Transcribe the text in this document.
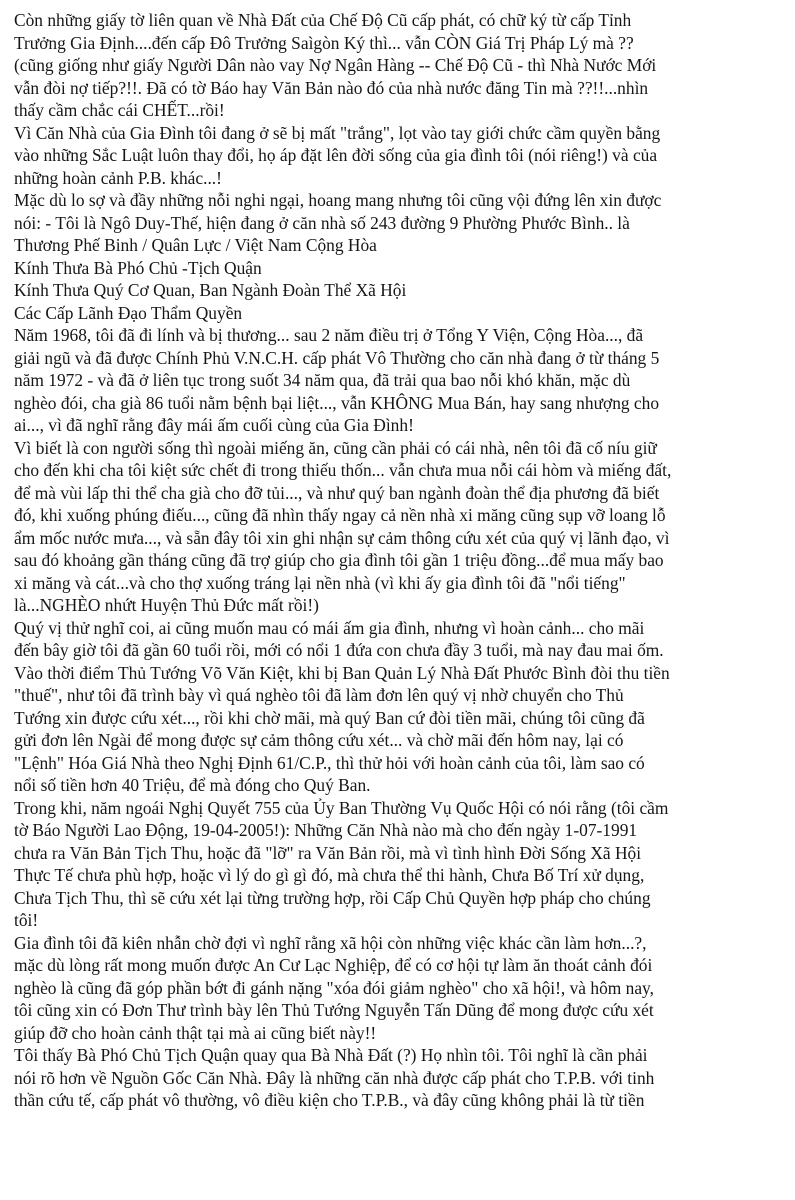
Còn những giấy tờ liên quan về Nhà Đất của Chế Độ Cũ cấp phát, có chữ ký từ cấp Tỉnh
Trưởng Gia Định....đến cấp Đô Trưởng Saìgòn Ký thì... vẫn CÒN Giá Trị Pháp Lý mà ??
(cũng giống như giấy Người Dân nào vay Nợ Ngân Hàng -- Chế Độ Cũ - thì Nhà Nước Mới
vẫn đòi nợ tiếp?!!. Đã có tờ Báo hay Văn Bản nào đó của nhà nước đăng Tin mà ??!!...nhìn
thấy cầm chắc cái CHẾT...rồi!
Vì Căn Nhà của Gia Đình tôi đang ở sẽ bị mất "trắng", lọt vào tay giới chức cầm quyền bằng
vào những Sắc Luật luôn thay đổi, họ áp đặt lên đời sống của gia đình tôi (nói riêng!) và của
những hoàn cảnh P.B. khác...!
Mặc dù lo sợ và đầy những nỗi nghi ngại, hoang mang nhưng tôi cũng vội đứng lên xin được
nói: - Tôi là Ngô Duy-Thế, hiện đang ở căn nhà số 243 đường 9 Phường Phước Bình.. là
Thương Phế Binh / Quân Lực / Việt Nam Cộng Hòa
Kính Thưa Bà Phó Chủ -Tịch Quận
Kính Thưa Quý Cơ Quan, Ban Ngành Đoàn Thể Xã Hội
Các Cấp Lãnh Đạo Thẩm Quyền
Năm 1968, tôi đã đi lính và bị thương... sau 2 năm điều trị ở Tổng Y Viện, Cộng Hòa..., đã
giải ngũ và đã được Chính Phủ V.N.C.H. cấp phát Vô Thường cho căn nhà đang ở từ tháng 5
năm 1972 - và đã ở liên tục trong suốt 34 năm qua, đã trải qua bao nỗi khó khăn, mặc dù
nghèo đói, cha già 86 tuổi nằm bệnh bại liệt..., vẫn KHÔNG Mua Bán, hay sang nhượng cho
ai..., vì đã nghĩ rằng đây mái ấm cuối cùng của Gia Đình!
Vì biết là con người sống thì ngoài miếng ăn, cũng cần phải có cái nhà, nên tôi đã cố níu giữ
cho đến khi cha tôi kiệt sức chết đi trong thiếu thốn... vẫn chưa mua nỗi cái hòm và miếng đất,
để mà vùi lấp thi thể cha già cho đỡ tủi..., và như quý ban ngành đoàn thể địa phương đã biết
đó, khi xuống phúng điếu..., cũng đã nhìn thấy ngay cả nền nhà xi măng cũng sụp vỡ loang lỗ
ẩm mốc nước mưa..., và sẵn đây tôi xin ghi nhận sự cảm thông cứu xét của quý vị lãnh đạo, vì
sau đó khoảng gần tháng cũng đã trợ giúp cho gia đình tôi gần 1 triệu đồng...để mua mấy bao
xi măng và cát...và cho thợ xuống tráng lại nền nhà (vì khi ấy gia đình tôi đã "nổi tiếng"
là...NGHÈO nhứt Huyện Thủ Đức mất rồi!)
Quý vị thử nghĩ coi, ai cũng muốn mau có mái ấm gia đình, nhưng vì hoàn cảnh... cho mãi
đến bây giờ tôi đã gần 60 tuổi rồi, mới có nổi 1 đứa con chưa đầy 3 tuổi, mà nay đau mai ốm.
Vào thời điểm Thủ Tướng Võ Văn Kiệt, khi bị Ban Quản Lý Nhà Đất Phước Bình đòi thu tiền
"thuế", như tôi đã trình bày vì quá nghèo tôi đã làm đơn lên quý vị nhờ chuyển cho Thủ
Tướng xin được cứu xét..., rồi khi chờ mãi, mà quý Ban cứ đòi tiền mãi, chúng tôi cũng đã
gửi đơn lên Ngài để mong được sự cảm thông cứu xét... và chờ mãi đến hôm nay, lại có
"Lệnh" Hóa Giá Nhà theo Nghị Định 61/C.P., thì thử hỏi với hoàn cảnh của tôi, làm sao có
nổi số tiền hơn 40 Triệu, để mà đóng cho Quý Ban.
Trong khi, năm ngoái Nghị Quyết 755 của Ủy Ban Thường Vụ Quốc Hội có nói rằng (tôi cầm
tờ Báo Người Lao Động, 19-04-2005!): Những Căn Nhà nào mà cho đến ngày 1-07-1991
chưa ra Văn Bản Tịch Thu, hoặc đã "lỡ" ra Văn Bản rồi, mà vì tình hình Đời Sống Xã Hội
Thực Tế chưa phù hợp, hoặc vì lý do gì gì đó, mà chưa thể thi hành, Chưa Bố Trí xử dụng,
Chưa Tịch Thu, thì sẽ cứu xét lại từng trường hợp, rồi Cấp Chủ Quyền hợp pháp cho chúng
tôi!
Gia đình tôi đã kiên nhẫn chờ đợi vì nghĩ rằng xã hội còn những việc khác cần làm hơn...?,
mặc dù lòng rất mong muốn được An Cư Lạc Nghiệp, để có cơ hội tự làm ăn thoát cảnh đói
nghèo là cũng đã góp phần bớt đi gánh nặng "xóa đói giảm nghèo" cho xã hội!, và hôm nay,
tôi cũng xin có Đơn Thư trình bày lên Thủ Tướng Nguyễn Tấn Dũng để mong được cứu xét
giúp đỡ cho hoàn cảnh thật tại mà ai cũng biết này!!
Tôi thấy Bà Phó Chủ Tịch Quận quay qua Bà Nhà Đất (?) Họ nhìn tôi. Tôi nghĩ là cần phải
nói rõ hơn về Nguồn Gốc Căn Nhà. Đây là những căn nhà được cấp phát cho T.P.B. với tinh
thần cứu tế, cấp phát vô thường, vô điều kiện cho T.P.B., và đây cũng không phải là từ tiền
